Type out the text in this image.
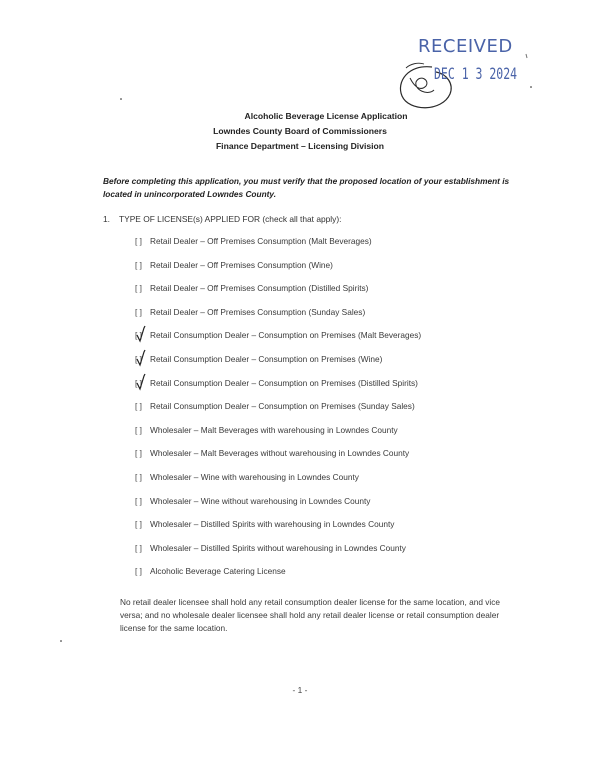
RECEIVED
DEC 1 3 2024
Alcoholic Beverage License Application
Lowndes County Board of Commissioners
Finance Department – Licensing Division
Before completing this application, you must verify that the proposed location of your establishment is located in unincorporated Lowndes County.
1. TYPE OF LICENSE(s) APPLIED FOR (check all that apply):
[ ] Retail Dealer – Off Premises Consumption (Malt Beverages)
[ ] Retail Dealer – Off Premises Consumption (Wine)
[ ] Retail Dealer – Off Premises Consumption (Distilled Spirits)
[ ] Retail Dealer – Off Premises Consumption (Sunday Sales)
[ ] Retail Consumption Dealer – Consumption on Premises (Malt Beverages)
[ ] Retail Consumption Dealer – Consumption on Premises (Wine)
[ ] Retail Consumption Dealer – Consumption on Premises (Distilled Spirits)
[ ] Retail Consumption Dealer – Consumption on Premises (Sunday Sales)
[ ] Wholesaler – Malt Beverages with warehousing in Lowndes County
[ ] Wholesaler – Malt Beverages without warehousing in Lowndes County
[ ] Wholesaler – Wine with warehousing in Lowndes County
[ ] Wholesaler – Wine without warehousing in Lowndes County
[ ] Wholesaler – Distilled Spirits with warehousing in Lowndes County
[ ] Wholesaler – Distilled Spirits without warehousing in Lowndes County
[ ] Alcoholic Beverage Catering License
No retail dealer licensee shall hold any retail consumption dealer license for the same location, and vice versa; and no wholesale dealer licensee shall hold any retail dealer license or retail consumption dealer license for the same location.
- 1 -
